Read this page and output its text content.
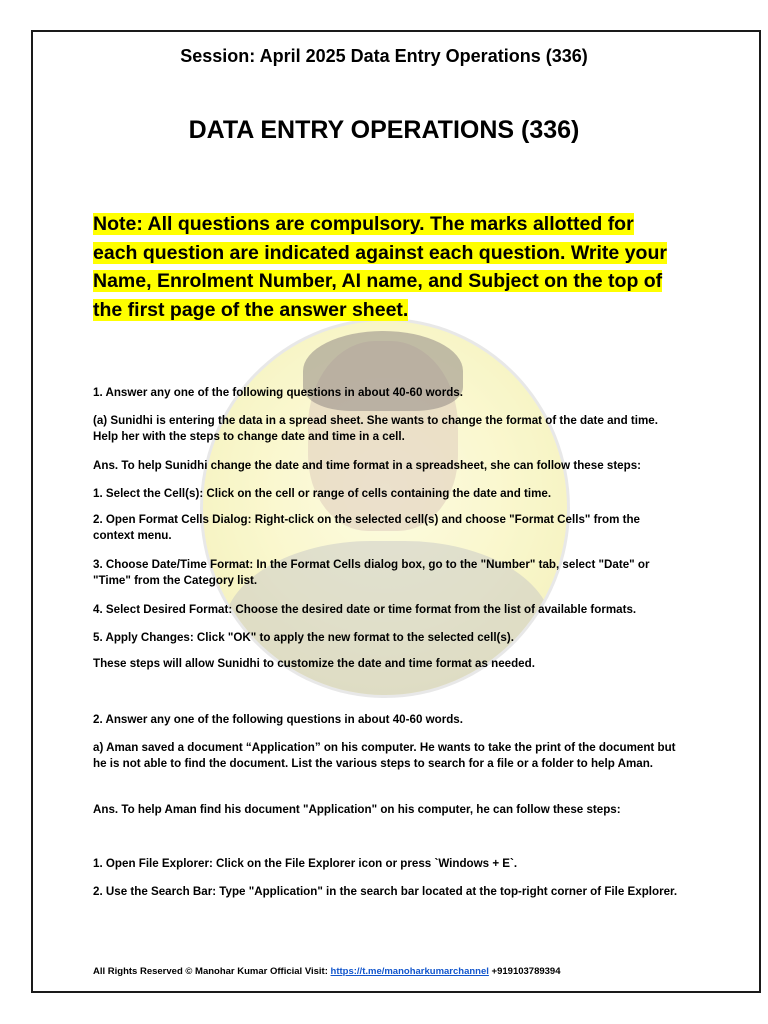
Session: April 2025 Data Entry Operations (336)
DATA ENTRY OPERATIONS (336)
Note: All questions are compulsory. The marks allotted for each question are indicated against each question. Write your Name, Enrolment Number, AI name, and Subject on the top of the first page of the answer sheet.
1. Answer any one of the following questions in about 40-60 words.
(a) Sunidhi is entering the data in a spread sheet. She wants to change the format of the date and time. Help her with the steps to change date and time in a cell.
Ans. To help Sunidhi change the date and time format in a spreadsheet, she can follow these steps:
1. Select the Cell(s): Click on the cell or range of cells containing the date and time.
2. Open Format Cells Dialog: Right-click on the selected cell(s) and choose "Format Cells" from the context menu.
3. Choose Date/Time Format: In the Format Cells dialog box, go to the "Number" tab, select "Date" or "Time" from the Category list.
4. Select Desired Format: Choose the desired date or time format from the list of available formats.
5. Apply Changes: Click "OK" to apply the new format to the selected cell(s).
These steps will allow Sunidhi to customize the date and time format as needed.
2. Answer any one of the following questions in about 40-60 words.
a) Aman saved a document “Application” on his computer. He wants to take the print of the document but he is not able to find the document. List the various steps to search for a file or a folder to help Aman.
Ans. To help Aman find his document "Application" on his computer, he can follow these steps:
1. Open File Explorer: Click on the File Explorer icon or press `Windows + E`.
2. Use the Search Bar: Type "Application" in the search bar located at the top-right corner of File Explorer.
All Rights Reserved © Manohar Kumar Official Visit: https://t.me/manoharkumarchannel +919103789394
